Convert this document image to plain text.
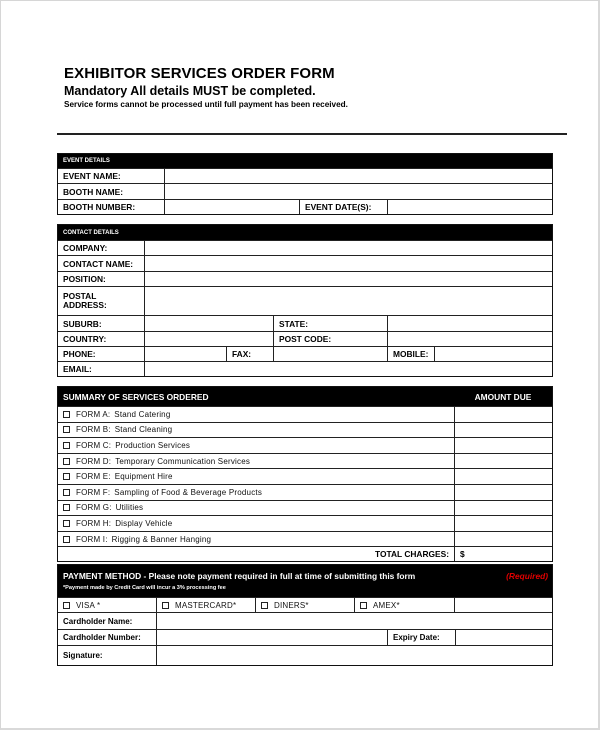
EXHIBITOR SERVICES ORDER FORM
Mandatory All details MUST be completed.
Service forms cannot be processed until full payment has been received.
EVENT DETAILS
EVENT NAME:
BOOTH NAME:
BOOTH NUMBER:	EVENT DATE(S):
CONTACT DETAILS
COMPANY:
CONTACT NAME:
POSITION:
POSTAL
ADDRESS:
SUBURB:	STATE:
COUNTRY:	POST CODE:
PHONE:	FAX:	MOBILE:
EMAIL:
SUMMARY OF SERVICES ORDERED	AMOUNT DUE
FORM A: Stand Catering
FORM B: Stand Cleaning
FORM C: Production Services
FORM D: Temporary Communication Services
FORM E: Equipment Hire
FORM F: Sampling of Food & Beverage Products
FORM G: Utilities
FORM H: Display Vehicle
FORM I: Rigging & Banner Hanging
TOTAL CHARGES:	$
PAYMENT METHOD - Please note payment required in full at time of submitting this form	(Required)
*Payment made by Credit Card will incur a 3% processing fee
VISA *	MASTERCARD*	DINERS*	AMEX*
Cardholder Name:
Cardholder Number:	Expiry Date:
Signature:
